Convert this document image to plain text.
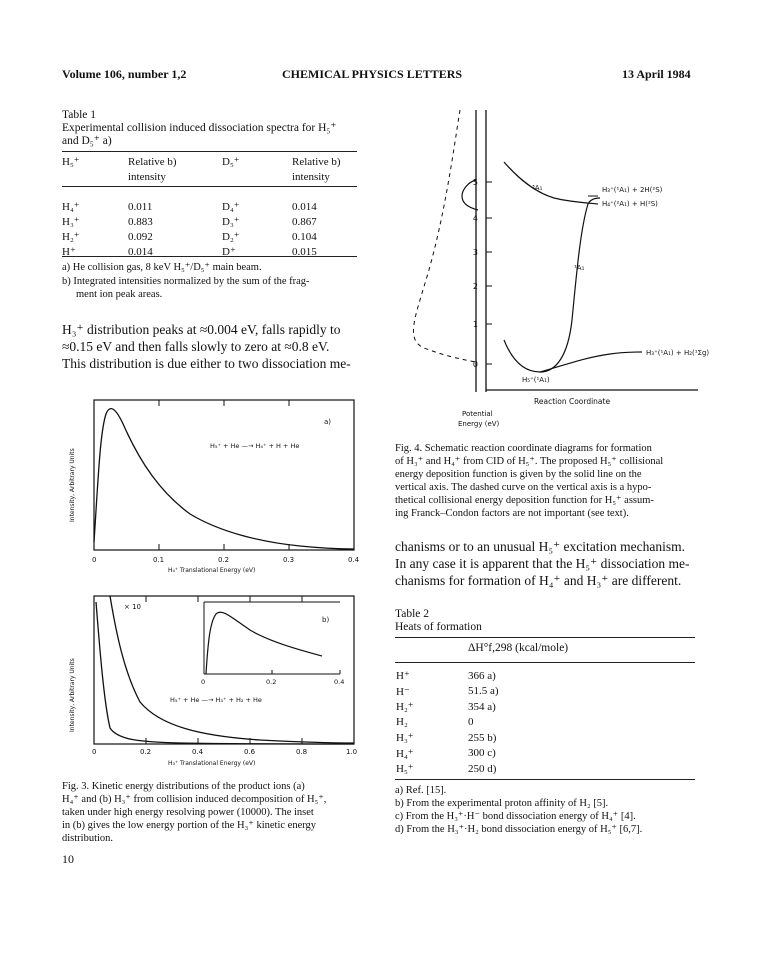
Volume 106, number 1,2	CHEMICAL PHYSICS LETTERS	13 April 1984
Table 1
Experimental collision induced dissociation spectra for H₅⁺
and D₅⁺ a)
H₅⁺	Relative b)	D₅⁺	Relative b)
	intensity		intensity

H₄⁺	0.011	D₄⁺	0.014
H₃⁺	0.883	D₃⁺	0.867
H₂⁺	0.092	D₂⁺	0.104
H⁺	0.014	D⁺	0.015
a) He collision gas, 8 keV H₅⁺/D₅⁺ main beam.
b) Integrated intensities normalized by the sum of the frag-
ment ion peak areas.
H₃⁺ distribution peaks at ≈0.004 eV, falls rapidly to
≈0.15 eV and then falls slowly to zero at ≈0.8 eV.
This distribution is due either to two dissociation me-
a)
H₅⁺ + He —→ H₄⁺ + H + He
0	0.1	0.2	0.3	0.4
H₄⁺ Translational Energy (eV)
Intensity, Arbitrary Units
× 10
b)
0	0.2	0.4
H₅⁺ + He —→ H₃⁺ + H₂ + He
0	0.2	0.4	0.6	0.8	1.0
H₃⁺ Translational Energy (eV)
Intensity, Arbitrary Units
Fig. 3. Kinetic energy distributions of the product ions (a)
H₄⁺ and (b) H₃⁺ from collision induced decomposition of H₅⁺,
taken under high energy resolving power (10000). The inset
in (b) gives the low energy portion of the H₃⁺ kinetic energy
distribution.
0
1
2
3
4
5
³A₁
¹A₁
H₃⁺(¹A₁) + 2H(²S)
H₄⁺(²A₁) + H(²S)
H₃⁺(¹A₁) + H₂(¹Σg)
H₅⁺(¹A₁)
Reaction Coordinate
Potential
Energy (eV)
Fig. 4. Schematic reaction coordinate diagrams for formation
of H₃⁺ and H₄⁺ from CID of H₅⁺. The proposed H₅⁺ collisional
energy deposition function is given by the solid line on the
vertical axis. The dashed curve on the vertical axis is a hypo-
thetical collisional energy deposition function for H₅⁺ assum-
ing Franck–Condon factors are not important (see text).
chanisms or to an unusual H₅⁺ excitation mechanism.
In any case it is apparent that the H₅⁺ dissociation me-
chanisms for formation of H₄⁺ and H₃⁺ are different.
Table 2
Heats of formation
ΔH°f,298 (kcal/mole)
H⁺	366 a)
H⁻	51.5 a)
H₂⁺	354 a)
H₂	0
H₃⁺	255 b)
H₄⁺	300 c)
H₅⁺	250 d)
a) Ref. [15].
b) From the experimental proton affinity of H₂ [5].
c) From the H₃⁺·H⁻ bond dissociation energy of H₄⁺ [4].
d) From the H₃⁺·H₂ bond dissociation energy of H₅⁺ [6,7].
10
